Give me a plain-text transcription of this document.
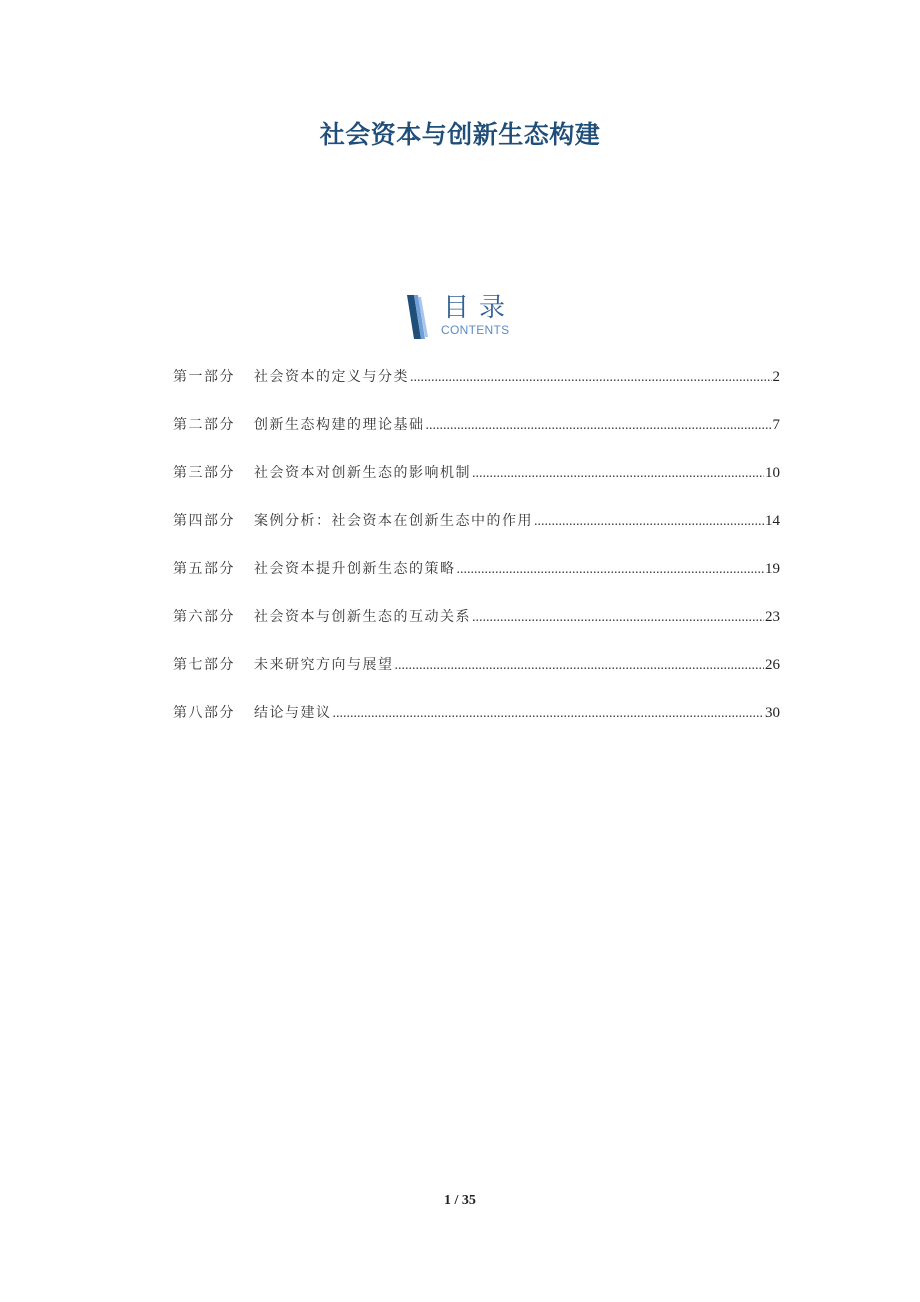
社会资本与创新生态构建
目录
CONTENTS
第一部分	社会资本的定义与分类 .....	2
第二部分	创新生态构建的理论基础 .....	7
第三部分	社会资本对创新生态的影响机制 .....	10
第四部分	案例分析：社会资本在创新生态中的作用 .....	14
第五部分	社会资本提升创新生态的策略 .....	19
第六部分	社会资本与创新生态的互动关系 .....	23
第七部分	未来研究方向与展望 .....	26
第八部分	结论与建议 .....	30
1 / 35
